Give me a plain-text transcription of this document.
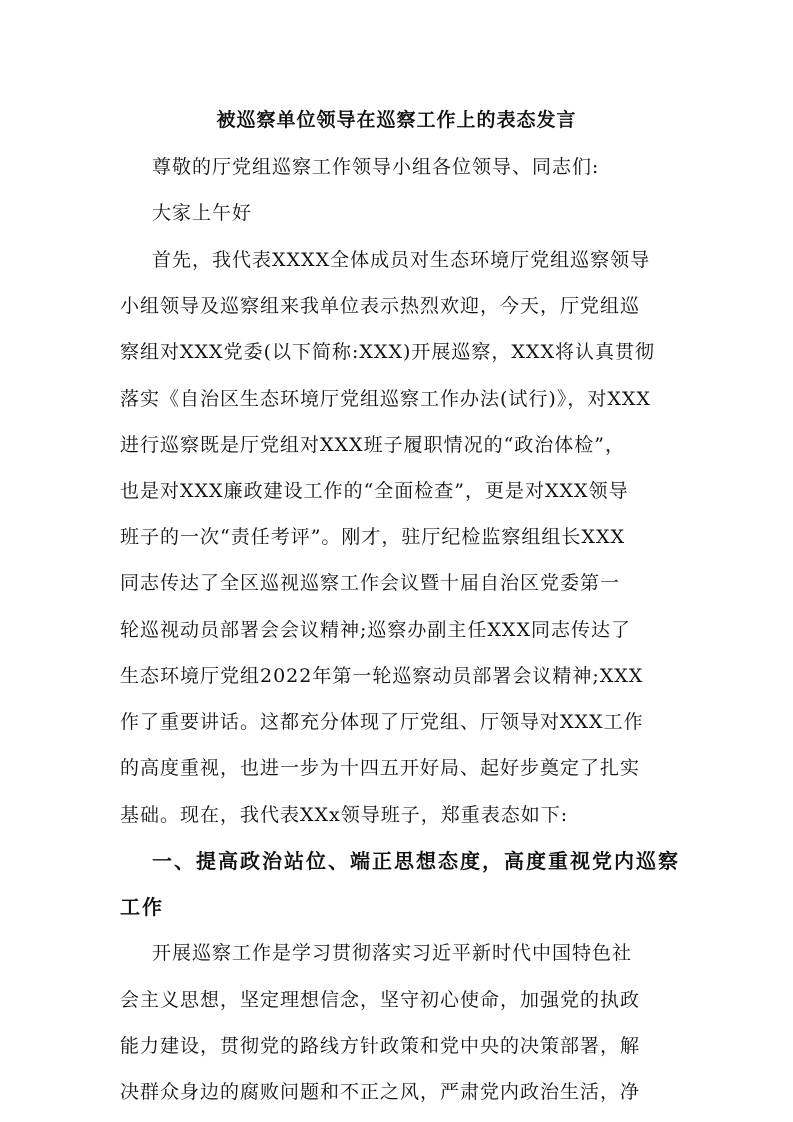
被巡察单位领导在巡察工作上的表态发言
尊敬的厅党组巡察工作领导小组各位领导、同志们:
大家上午好
首先，我代表XXXX全体成员对生态环境厅党组巡察领导
小组领导及巡察组来我单位表示热烈欢迎，今天，厅党组巡
察组对XXX党委(以下简称:XXX)开展巡察，XXX将认真贯彻
落实《自治区生态环境厅党组巡察工作办法(试行)》，对XXX
进行巡察既是厅党组对XXX班子履职情况的“政治体检”，
也是对XXX廉政建设工作的“全面检查”，更是对XXX领导
班子的一次“责任考评”。刚才，驻厅纪检监察组组长XXX
同志传达了全区巡视巡察工作会议暨十届自治区党委第一
轮巡视动员部署会会议精神;巡察办副主任XXX同志传达了
生态环境厅党组2022年第一轮巡察动员部署会议精神;XXX
作了重要讲话。这都充分体现了厅党组、厅领导对XXX工作
的高度重视，也进一步为十四五开好局、起好步奠定了扎实
基础。现在，我代表XXx领导班子，郑重表态如下:
一、提高政治站位、端正思想态度，高度重视党内巡察
工作
开展巡察工作是学习贯彻落实习近平新时代中国特色社
会主义思想，坚定理想信念，坚守初心使命，加强党的执政
能力建设，贯彻党的路线方针政策和党中央的决策部署，解
决群众身边的腐败问题和不正之风，严肃党内政治生活，净
